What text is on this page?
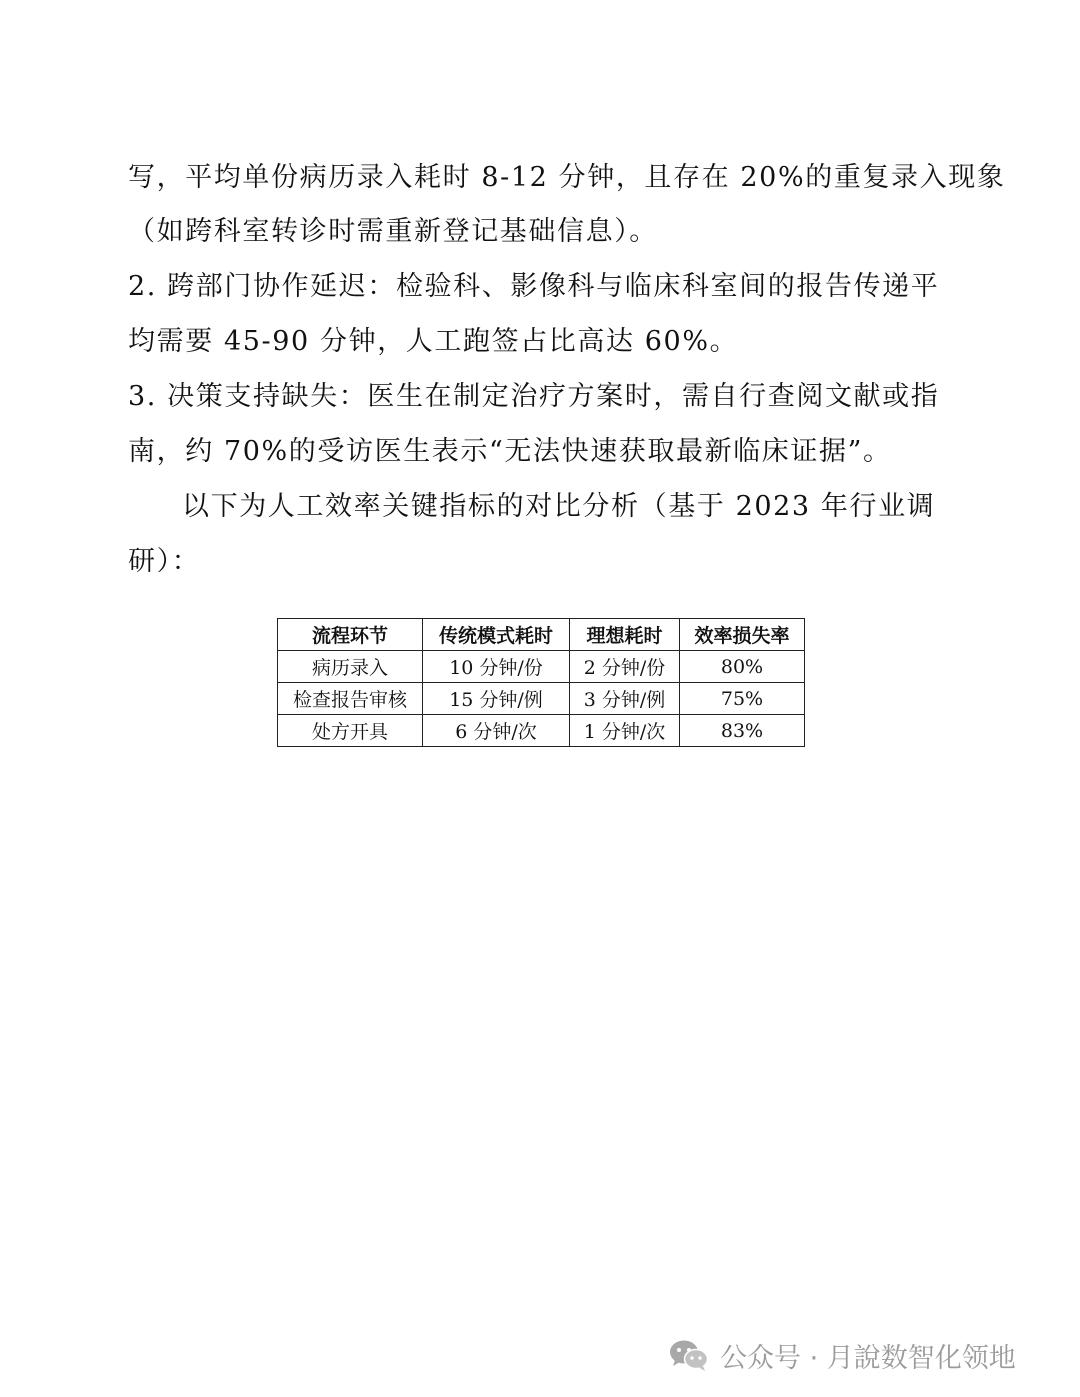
写，平均单份病历录入耗时 8-12 分钟，且存在 20%的重复录入现象
（如跨科室转诊时需重新登记基础信息）。
2. 跨部门协作延迟：检验科、影像科与临床科室间的报告传递平
均需要 45-90 分钟，人工跑签占比高达 60%。
3. 决策支持缺失：医生在制定治疗方案时，需自行查阅文献或指
南，约 70%的受访医生表示“无法快速获取最新临床证据”。
以下为人工效率关键指标的对比分析（基于 2023 年行业调
研）：
流程环节	传统模式耗时	理想耗时	效率损失率
病历录入	10 分钟/份	2 分钟/份	80%
检查报告审核	15 分钟/例	3 分钟/例	75%
处方开具	6 分钟/次	1 分钟/次	83%
公众号 · 月說数智化领地
